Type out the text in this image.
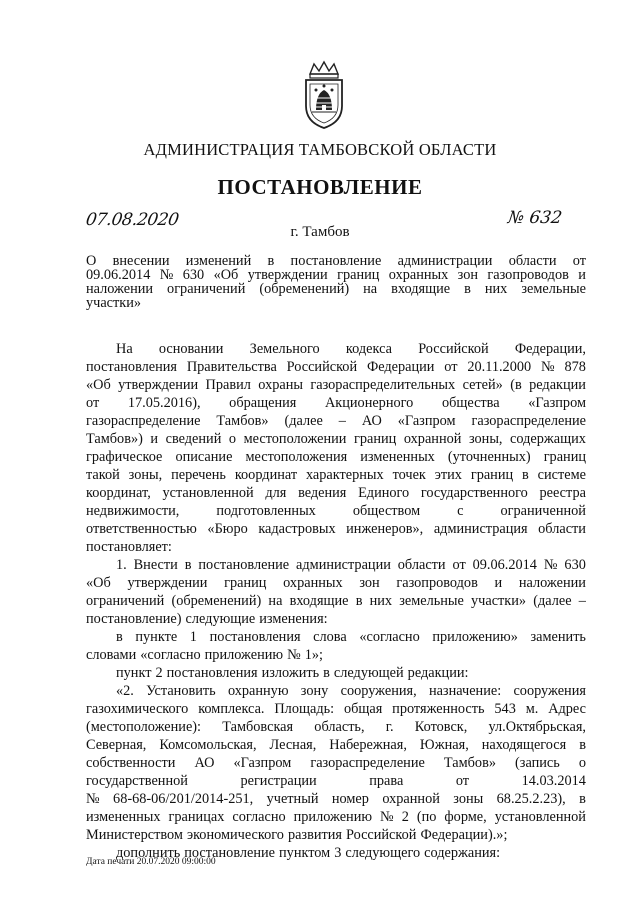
АДМИНИСТРАЦИЯ ТАМБОВСКОЙ ОБЛАСТИ
ПОСТАНОВЛЕНИЕ
07.08.2020
г. Тамбов
№ 632
О внесении изменений в постановление администрации области от
09.06.2014 № 630 «Об утверждении границ охранных зон газопроводов и
наложении ограничений (обременений) на входящие в них земельные
участки»
На основании Земельного кодекса Российской Федерации,
постановления Правительства Российской Федерации от 20.11.2000 № 878
«Об утверждении Правил охраны газораспределительных сетей» (в редакции
от 17.05.2016), обращения Акционерного общества «Газпром
газораспределение Тамбов» (далее – АО «Газпром газораспределение
Тамбов») и сведений о местоположении границ охранной зоны, содержащих
графическое описание местоположения измененных (уточненных) границ
такой зоны, перечень координат характерных точек этих границ в системе
координат, установленной для ведения Единого государственного реестра
недвижимости,	подготовленных	обществом	с	ограниченной
ответственностью «Бюро кадастровых инженеров», администрация области
постановляет:
1. Внести в постановление администрации области от 09.06.2014 № 630
«Об утверждении границ охранных зон газопроводов и наложении
ограничений (обременений) на входящие в них земельные участки» (далее –
постановление) следующие изменения:
в пункте 1 постановления слова «согласно приложению» заменить
словами «согласно приложению № 1»;
пункт 2 постановления изложить в следующей редакции:
«2. Установить охранную зону сооружения, назначение: сооружения
газохимического комплекса. Площадь: общая протяженность 543 м. Адрес
(местоположение): Тамбовская область, г. Котовск, ул.Октябрьская,
Северная, Комсомольская, Лесная, Набережная, Южная, находящегося в
собственности АО «Газпром газораспределение Тамбов» (запись о
государственной	регистрации	права	от	14.03.2014
№ 68-68-06/201/2014-251, учетный номер охранной зоны 68.25.2.23), в
измененных границах согласно приложению № 2 (по форме, установленной
Министерством экономического развития Российской Федерации).»;
дополнить постановление пунктом 3 следующего содержания:
Дата печати 20.07.2020 09:00:00
